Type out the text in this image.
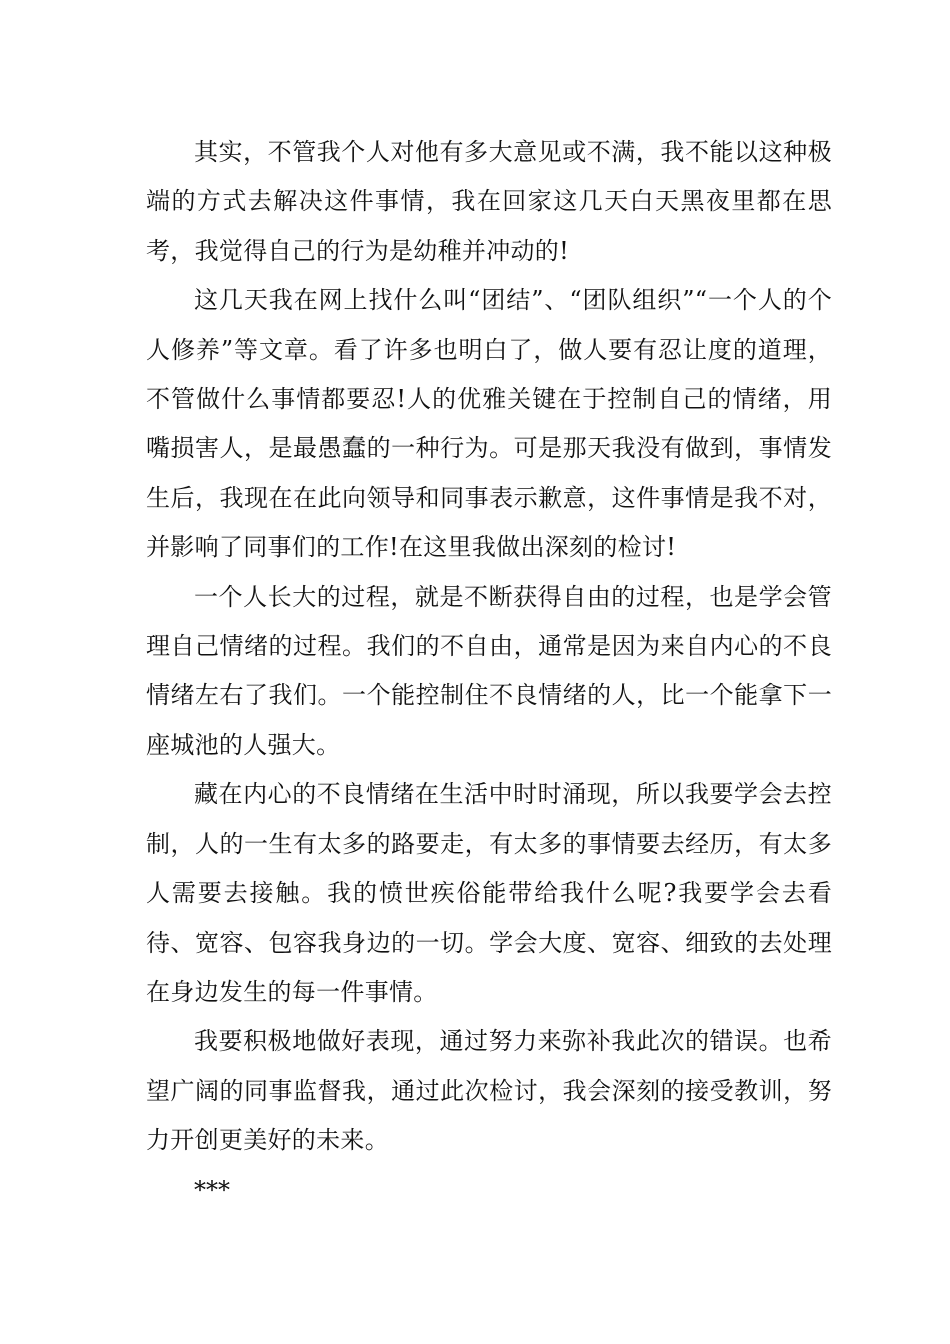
其实，不管我个人对他有多大意见或不满，我不能以这种极端的方式去解决这件事情，我在回家这几天白天黑夜里都在思考，我觉得自己的行为是幼稚并冲动的!

这几天我在网上找什么叫“团结”、“团队组织”“一个人的个人修养”等文章。看了许多也明白了，做人要有忍让度的道理，不管做什么事情都要忍!人的优雅关键在于控制自己的情绪，用嘴损害人，是最愚蠢的一种行为。可是那天我没有做到，事情发生后，我现在在此向领导和同事表示歉意，这件事情是我不对，并影响了同事们的工作!在这里我做出深刻的检讨!

一个人长大的过程，就是不断获得自由的过程，也是学会管理自己情绪的过程。我们的不自由，通常是因为来自内心的不良情绪左右了我们。一个能控制住不良情绪的人，比一个能拿下一座城池的人强大。

藏在内心的不良情绪在生活中时时涌现，所以我要学会去控制，人的一生有太多的路要走，有太多的事情要去经历，有太多人需要去接触。我的愤世疾俗能带给我什么呢?我要学会去看待、宽容、包容我身边的一切。学会大度、宽容、细致的去处理在身边发生的每一件事情。

我要积极地做好表现，通过努力来弥补我此次的错误。也希望广阔的同事监督我，通过此次检讨，我会深刻的接受教训，努力开创更美好的未来。

***
